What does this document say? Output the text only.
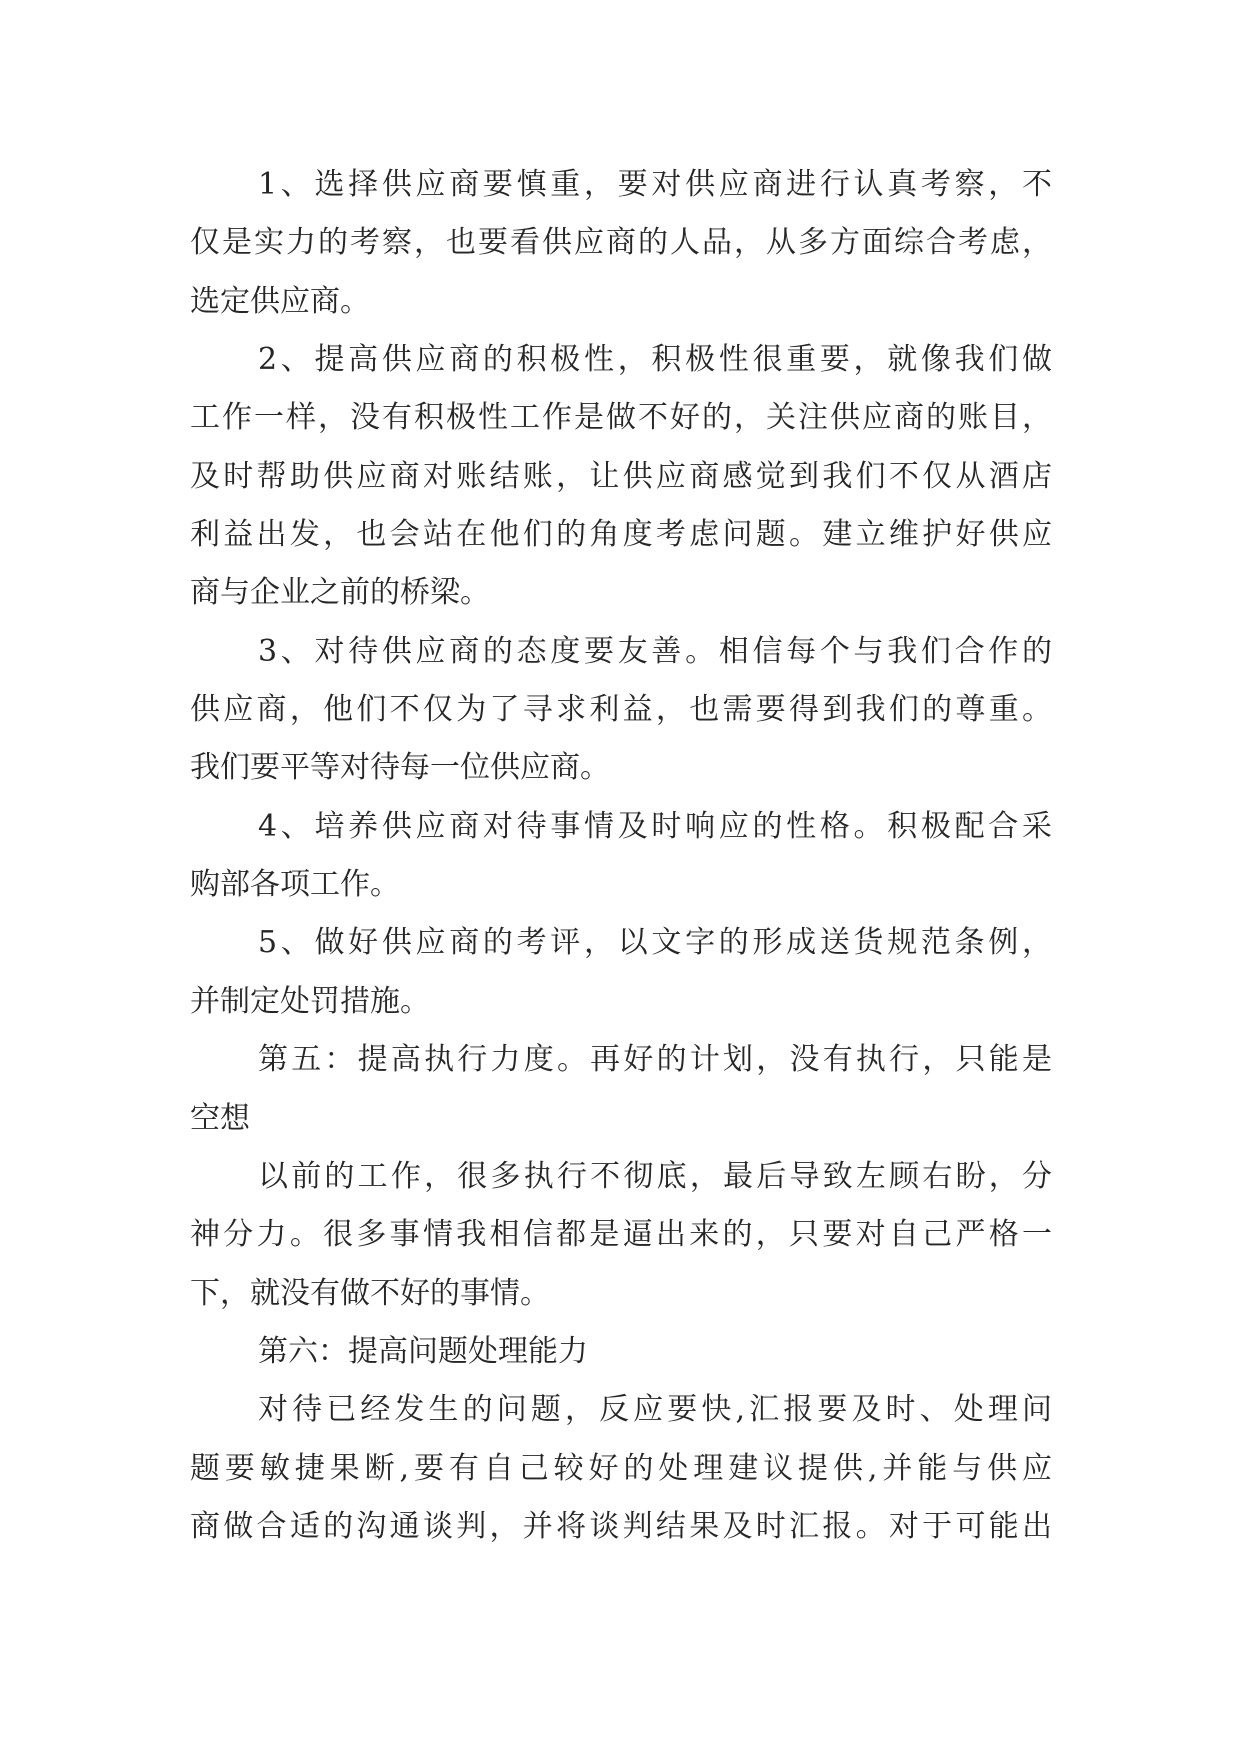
1、选择供应商要慎重，要对供应商进行认真考察，不
仅是实力的考察，也要看供应商的人品，从多方面综合考虑，
选定供应商。
2、提高供应商的积极性，积极性很重要，就像我们做
工作一样，没有积极性工作是做不好的，关注供应商的账目，
及时帮助供应商对账结账，让供应商感觉到我们不仅从酒店
利益出发，也会站在他们的角度考虑问题。建立维护好供应
商与企业之前的桥梁。
3、对待供应商的态度要友善。相信每个与我们合作的
供应商，他们不仅为了寻求利益，也需要得到我们的尊重。
我们要平等对待每一位供应商。
4、培养供应商对待事情及时响应的性格。积极配合采
购部各项工作。
5、做好供应商的考评，以文字的形成送货规范条例，
并制定处罚措施。
第五：提高执行力度。再好的计划，没有执行，只能是
空想
以前的工作，很多执行不彻底，最后导致左顾右盼，分
神分力。很多事情我相信都是逼出来的，只要对自己严格一
下，就没有做不好的事情。
第六：提高问题处理能力
对待已经发生的问题，反应要快,汇报要及时、处理问
题要敏捷果断,要有自己较好的处理建议提供,并能与供应
商做合适的沟通谈判，并将谈判结果及时汇报。对于可能出
